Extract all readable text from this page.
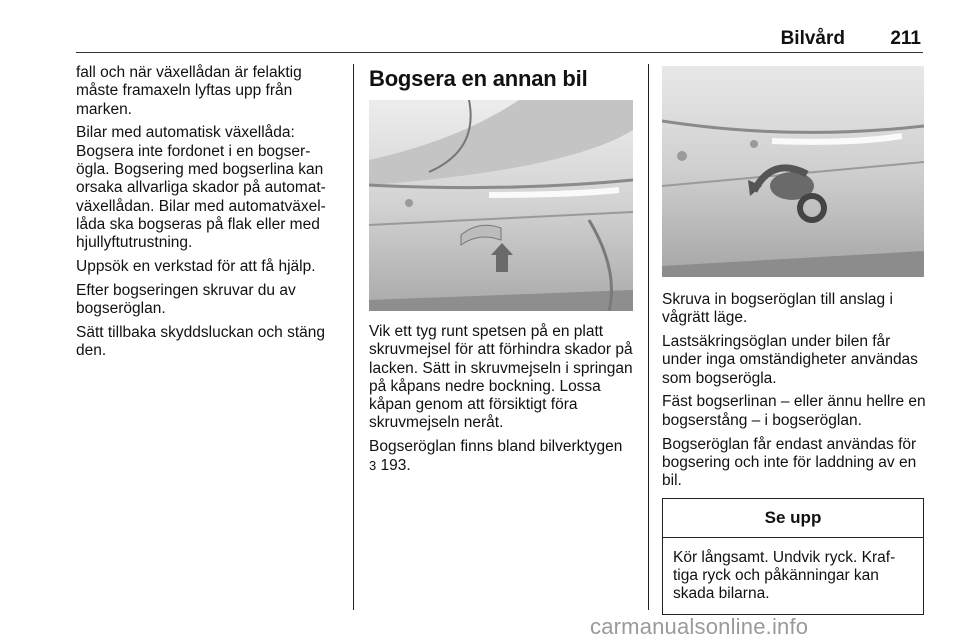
Bilvård 211

fall och när växellådan är felaktig måste framaxeln lyftas upp från marken.

Bilar med automatisk växellåda: Bogsera inte fordonet i en bogser-ögla. Bogsering med bogserlina kan orsaka allvarliga skador på automat-växellådan. Bilar med automatväxel-låda ska bogseras på flak eller med hjullyftutrustning.

Uppsök en verkstad för att få hjälp.

Efter bogseringen skruvar du av bogseröglan.

Sätt tillbaka skyddsluckan och stäng den.

Bogsera en annan bil

Vik ett tyg runt spetsen på en platt skruvmejsel för att förhindra skador på lacken. Sätt in skruvmejseln i springan på kåpans nedre bockning. Lossa kåpan genom att försiktigt föra skruvmejseln neråt.

Bogseröglan finns bland bilverktygen
3 193.

Skruva in bogseröglan till anslag i vågrätt läge.

Lastsäkringsöglan under bilen får under inga omständigheter användas som bogserögla.

Fäst bogserlinan – eller ännu hellre en bogserstång – i bogseröglan.

Bogseröglan får endast användas för bogsering och inte för laddning av en bil.

Se upp
Kör långsamt. Undvik ryck. Kraf-tiga ryck och påkänningar kan skada bilarna.
carmanualsonline.info
